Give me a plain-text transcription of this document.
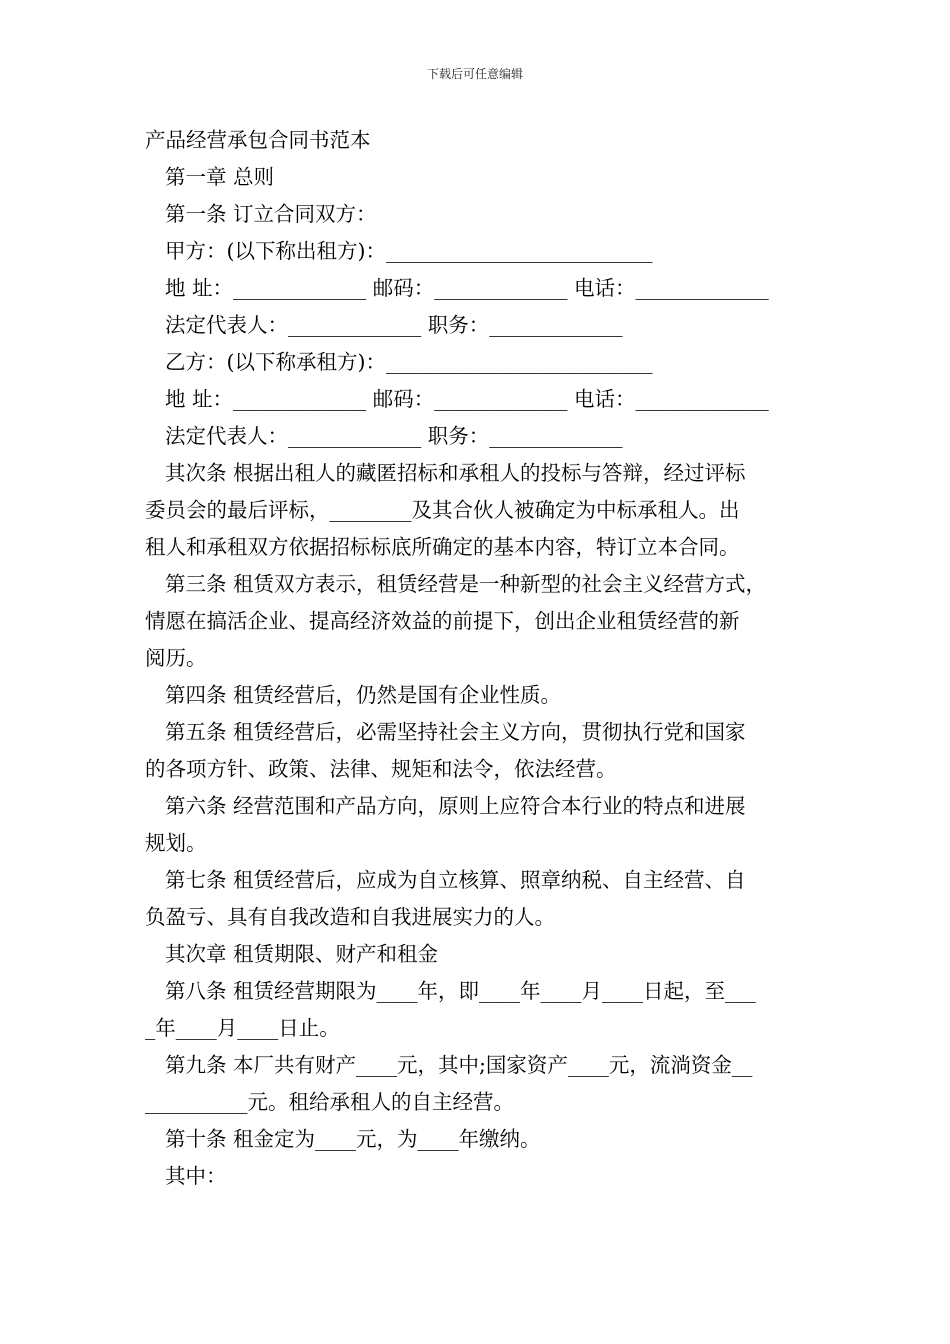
下载后可任意编辑
产品经营承包合同书范本
第一章 总则
第一条 订立合同双方：
甲方：(以下称出租方)：__________________________
地 址：_____________ 邮码：_____________ 电话：_____________
法定代表人：_____________ 职务：_____________
乙方：(以下称承租方)：__________________________
地 址：_____________ 邮码：_____________ 电话：_____________
法定代表人：_____________ 职务：_____________
其次条 根据出租人的藏匿招标和承租人的投标与答辩，经过评标
委员会的最后评标，________及其合伙人被确定为中标承租人。出
租人和承租双方依据招标标底所确定的基本内容，特订立本合同。
第三条 租赁双方表示，租赁经营是一种新型的社会主义经营方式，
情愿在搞活企业、提高经济效益的前提下，创出企业租赁经营的新
阅历。
第四条 租赁经营后，仍然是国有企业性质。
第五条 租赁经营后，必需坚持社会主义方向，贯彻执行党和国家
的各项方针、政策、法律、规矩和法令，依法经营。
第六条 经营范围和产品方向，原则上应符合本行业的特点和进展
规划。
第七条 租赁经营后，应成为自立核算、照章纳税、自主经营、自
负盈亏、具有自我改造和自我进展实力的人。
其次章 租赁期限、财产和租金
第八条 租赁经营期限为____年，即____年____月____日起，至___
_年____月____日止。
第九条 本厂共有财产____元，其中;国家资产____元，流淌资金__
__________元。租给承租人的自主经营。
第十条 租金定为____元，为____年缴纳。
其中：
